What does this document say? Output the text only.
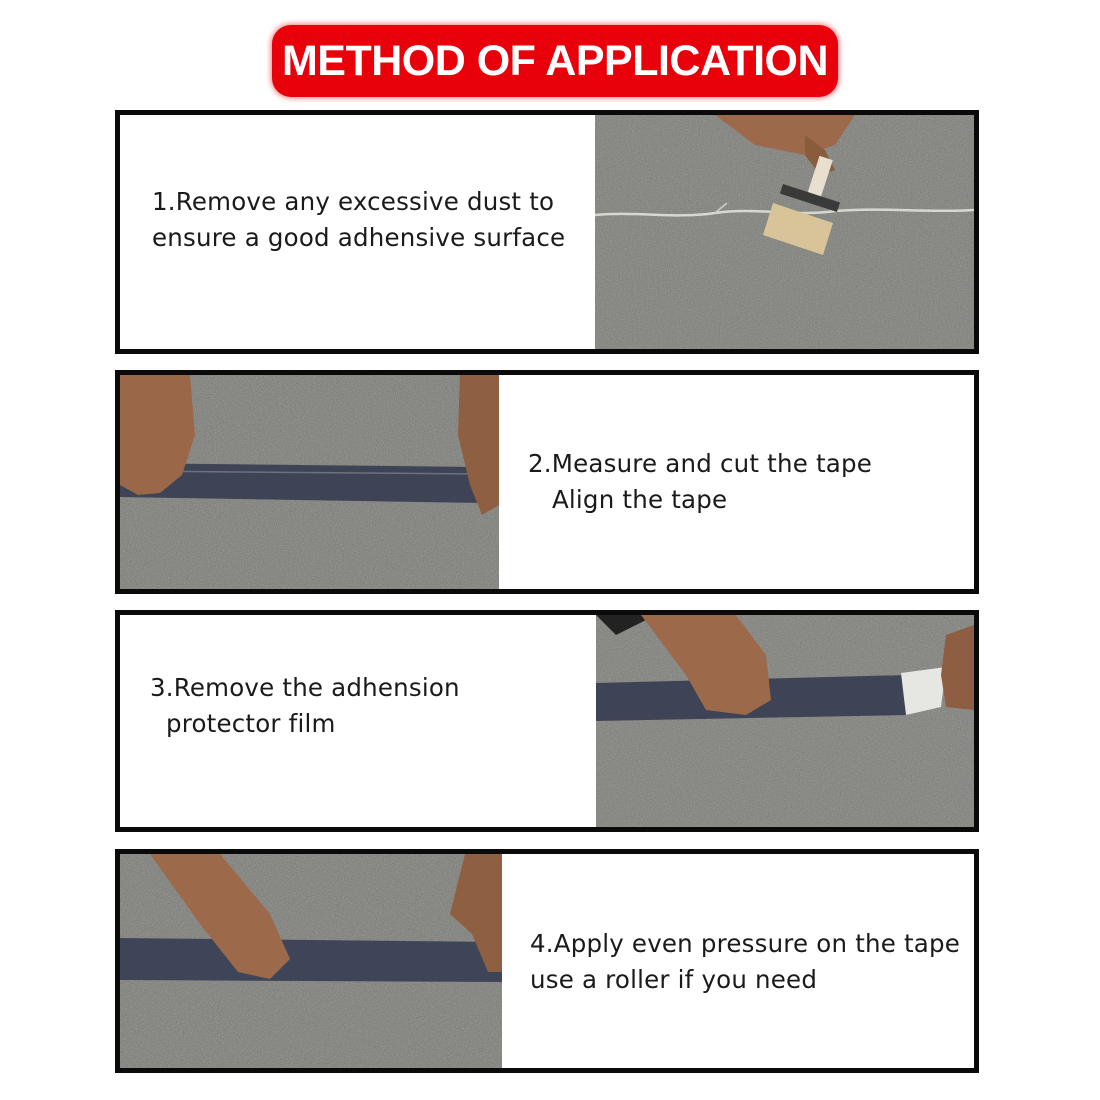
METHOD OF APPLICATION
1.Remove any excessive dust to
ensure a good adhensive surface
2.Measure and cut the tape
Align the tape
3.Remove the adhension
protector film
4.Apply even pressure on the tape
use a roller if you need
